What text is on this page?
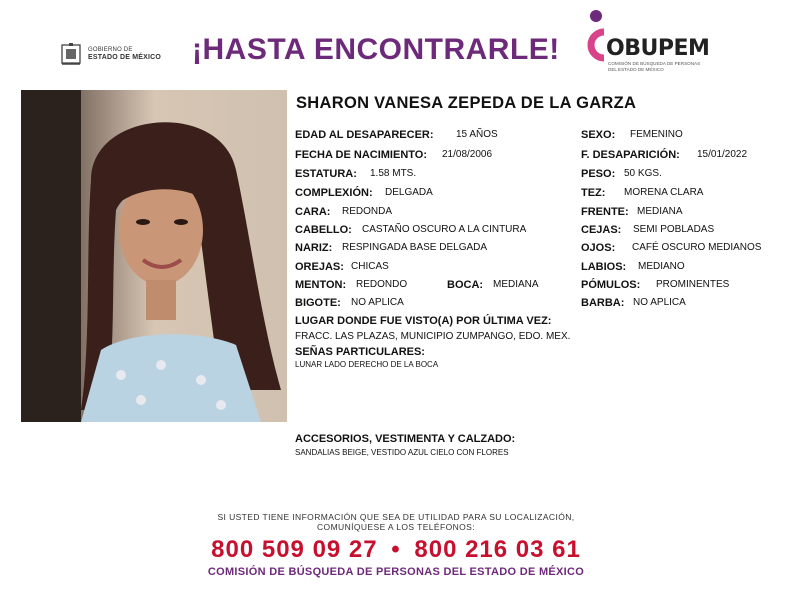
GOBIERNO DE
ESTADO DE MÉXICO ¡HASTA ENCONTRARLE! OBUPEM
COMISIÓN DE BÚSQUEDA DE PERSONAS
DEL ESTADO DE MÉXICO
SHARON VANESA ZEPEDA DE LA GARZA
EDAD AL DESAPARECER: 15 AÑOS
FECHA DE NACIMIENTO: 21/08/2006
ESTATURA: 1.58 MTS.
COMPLEXIÓN: DELGADA
CARA: REDONDA
CABELLO: CASTAÑO OSCURO A LA CINTURA
NARIZ: RESPINGADA BASE DELGADA
OREJAS: CHICAS
MENTON: REDONDO	BOCA: MEDIANA
BIGOTE: NO APLICA
SEXO: FEMENINO
F. DESAPARICIÓN: 15/01/2022
PESO: 50 KGS.
TEZ: MORENA CLARA
FRENTE: MEDIANA
CEJAS: SEMI POBLADAS
OJOS: CAFÉ OSCURO MEDIANOS
LABIOS: MEDIANO
PÓMULOS: PROMINENTES
BARBA: NO APLICA
LUGAR DONDE FUE VISTO(A) POR ÚLTIMA VEZ:
FRACC. LAS PLAZAS, MUNICIPIO ZUMPANGO, EDO. MEX.
SEÑAS PARTICULARES:
LUNAR LADO DERECHO DE LA BOCA
ACCESORIOS, VESTIMENTA Y CALZADO:
SANDALIAS BEIGE, VESTIDO AZUL CIELO CON FLORES
SI USTED TIENE INFORMACIÓN QUE SEA DE UTILIDAD PARA SU LOCALIZACIÓN,
COMUNÍQUESE A LOS TELÉFONOS:
800 509 09 27 • 800 216 03 61
COMISIÓN DE BÚSQUEDA DE PERSONAS DEL ESTADO DE MÉXICO
